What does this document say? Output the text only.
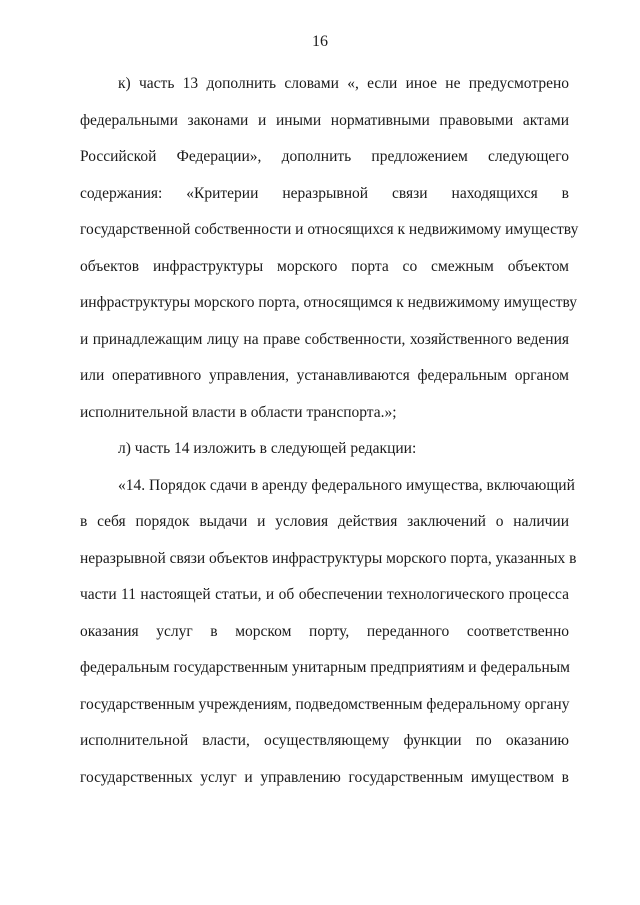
16
к) часть 13 дополнить словами «, если иное не предусмотрено
федеральными законами и иными нормативными правовыми актами
Российской Федерации», дополнить предложением следующего
содержания: «Критерии неразрывной связи находящихся в
государственной собственности и относящихся к недвижимому имуществу
объектов инфраструктуры морского порта со смежным объектом
инфраструктуры морского порта, относящимся к недвижимому имуществу
и принадлежащим лицу на праве собственности, хозяйственного ведения
или оперативного управления, устанавливаются федеральным органом
исполнительной власти в области транспорта.»;
л) часть 14 изложить в следующей редакции:
«14. Порядок сдачи в аренду федерального имущества, включающий
в себя порядок выдачи и условия действия заключений о наличии
неразрывной связи объектов инфраструктуры морского порта, указанных в
части 11 настоящей статьи, и об обеспечении технологического процесса
оказания услуг в морском порту, переданного соответственно
федеральным государственным унитарным предприятиям и федеральным
государственным учреждениям, подведомственным федеральному органу
исполнительной власти, осуществляющему функции по оказанию
государственных услуг и управлению государственным имуществом в
